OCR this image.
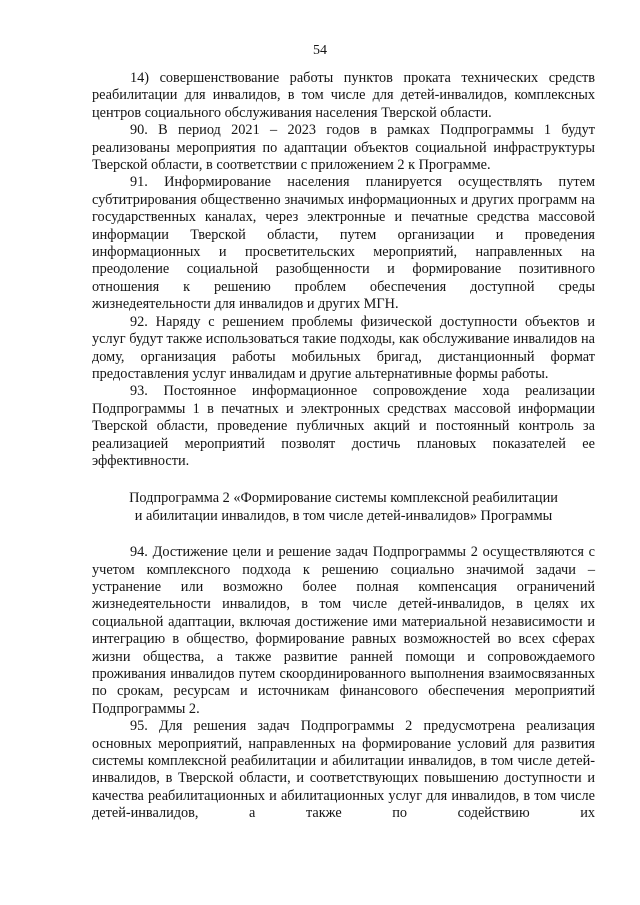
54

14) совершенствование работы пунктов проката технических средств реабилитации для инвалидов, в том числе для детей-инвалидов, комплексных центров социального обслуживания населения Тверской области.

90. В период 2021 – 2023 годов в рамках Подпрограммы 1 будут реализованы мероприятия по адаптации объектов социальной инфраструктуры Тверской области, в соответствии с приложением 2 к Программе.

91. Информирование населения планируется осуществлять путем субтитрирования общественно значимых информационных и других программ на государственных каналах, через электронные и печатные средства массовой информации Тверской области, путем организации и проведения информационных и просветительских мероприятий, направленных на преодоление социальной разобщенности и формирование позитивного отношения к решению проблем обеспечения доступной среды жизнедеятельности для инвалидов и других МГН.

92. Наряду с решением проблемы физической доступности объектов и услуг будут также использоваться такие подходы, как обслуживание инвалидов на дому, организация работы мобильных бригад, дистанционный формат предоставления услуг инвалидам и другие альтернативные формы работы.

93. Постоянное информационное сопровождение хода реализации Подпрограммы 1 в печатных и электронных средствах массовой информации Тверской области, проведение публичных акций и постоянный контроль за реализацией мероприятий позволят достичь плановых показателей ее эффективности.

Подпрограмма 2 «Формирование системы комплексной реабилитации
и абилитации инвалидов, в том числе детей-инвалидов» Программы

94. Достижение цели и решение задач Подпрограммы 2 осуществляются с учетом комплексного подхода к решению социально значимой задачи – устранение или возможно более полная компенсация ограничений жизнедеятельности инвалидов, в том числе детей-инвалидов, в целях их социальной адаптации, включая достижение ими материальной независимости и интеграцию в общество, формирование равных возможностей во всех сферах жизни общества, а также развитие ранней помощи и сопровождаемого проживания инвалидов путем скоординированного выполнения взаимосвязанных по срокам, ресурсам и источникам финансового обеспечения мероприятий Подпрограммы 2.

95. Для решения задач Подпрограммы 2 предусмотрена реализация основных мероприятий, направленных на формирование условий для развития системы комплексной реабилитации и абилитации инвалидов, в том числе детей-инвалидов, в Тверской области, и соответствующих повышению доступности и качества реабилитационных и абилитационных услуг для инвалидов, в том числе детей-инвалидов, а также по содействию их
